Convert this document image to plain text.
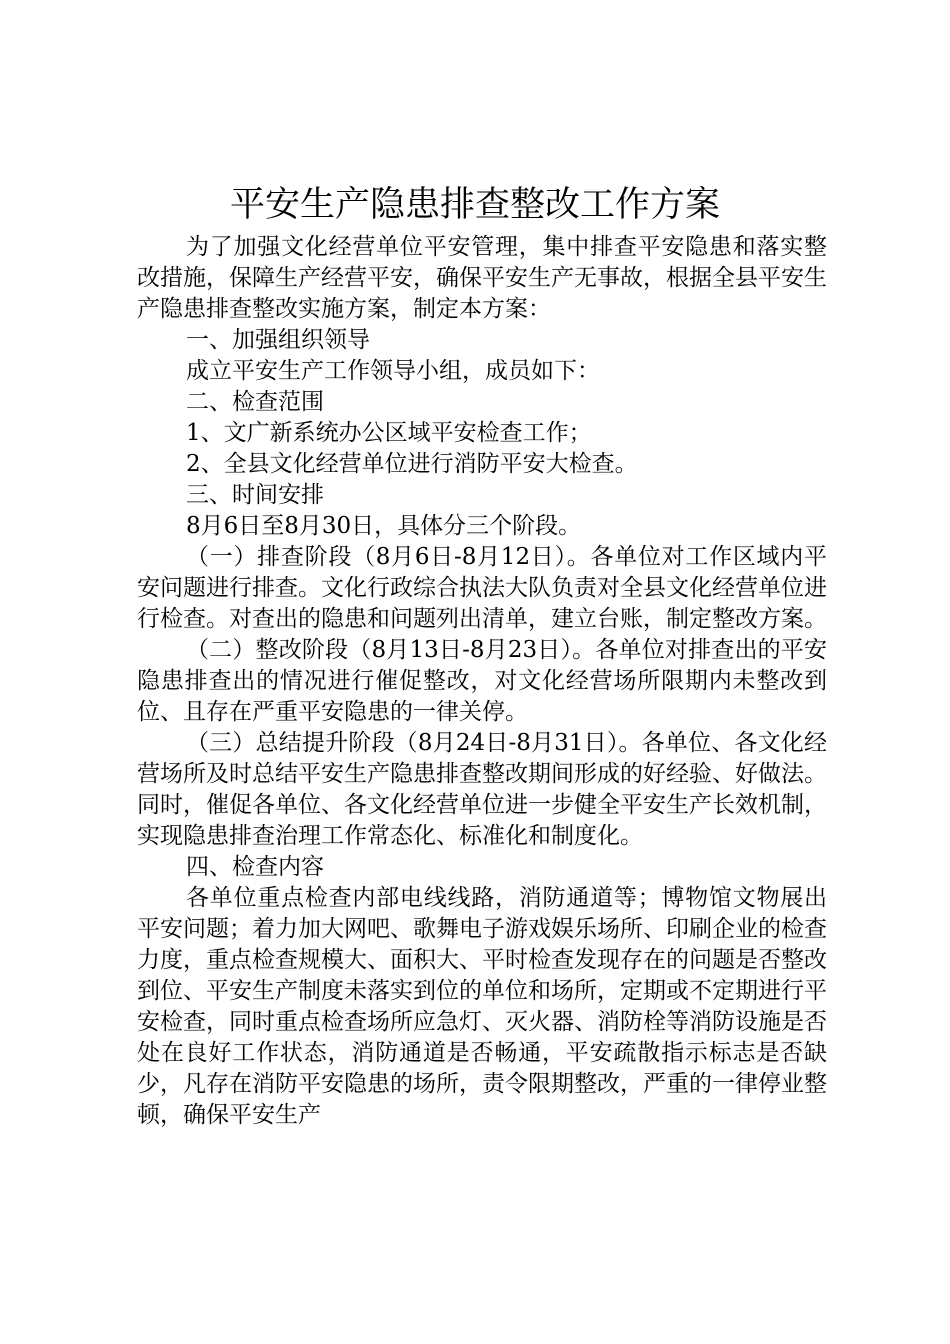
平安生产隐患排查整改工作方案

为了加强文化经营单位平安管理，集中排查平安隐患和落实整改措施，保障生产经营平安，确保平安生产无事故，根据全县平安生产隐患排查整改实施方案，制定本方案：

一、加强组织领导

成立平安生产工作领导小组，成员如下：

二、检查范围

1、文广新系统办公区域平安检查工作；

2、全县文化经营单位进行消防平安大检查。

三、时间安排

8月6日至8月30日，具体分三个阶段。

（一）排查阶段（8月6日-8月12日）。各单位对工作区域内平安问题进行排查。文化行政综合执法大队负责对全县文化经营单位进行检查。对查出的隐患和问题列出清单，建立台账，制定整改方案。

（二）整改阶段（8月13日-8月23日）。各单位对排查出的平安隐患排查出的情况进行催促整改，对文化经营场所限期内未整改到位、且存在严重平安隐患的一律关停。

（三）总结提升阶段（8月24日-8月31日）。各单位、各文化经营场所及时总结平安生产隐患排查整改期间形成的好经验、好做法。同时，催促各单位、各文化经营单位进一步健全平安生产长效机制，实现隐患排查治理工作常态化、标准化和制度化。

四、检查内容

各单位重点检查内部电线线路，消防通道等；博物馆文物展出平安问题；着力加大网吧、歌舞电子游戏娱乐场所、印刷企业的检查力度，重点检查规模大、面积大、平时检查发现存在的问题是否整改到位、平安生产制度未落实到位的单位和场所，定期或不定期进行平安检查，同时重点检查场所应急灯、灭火器、消防栓等消防设施是否处在良好工作状态，消防通道是否畅通，平安疏散指示标志是否缺少，凡存在消防平安隐患的场所，责令限期整改，严重的一律停业整顿，确保平安生产
